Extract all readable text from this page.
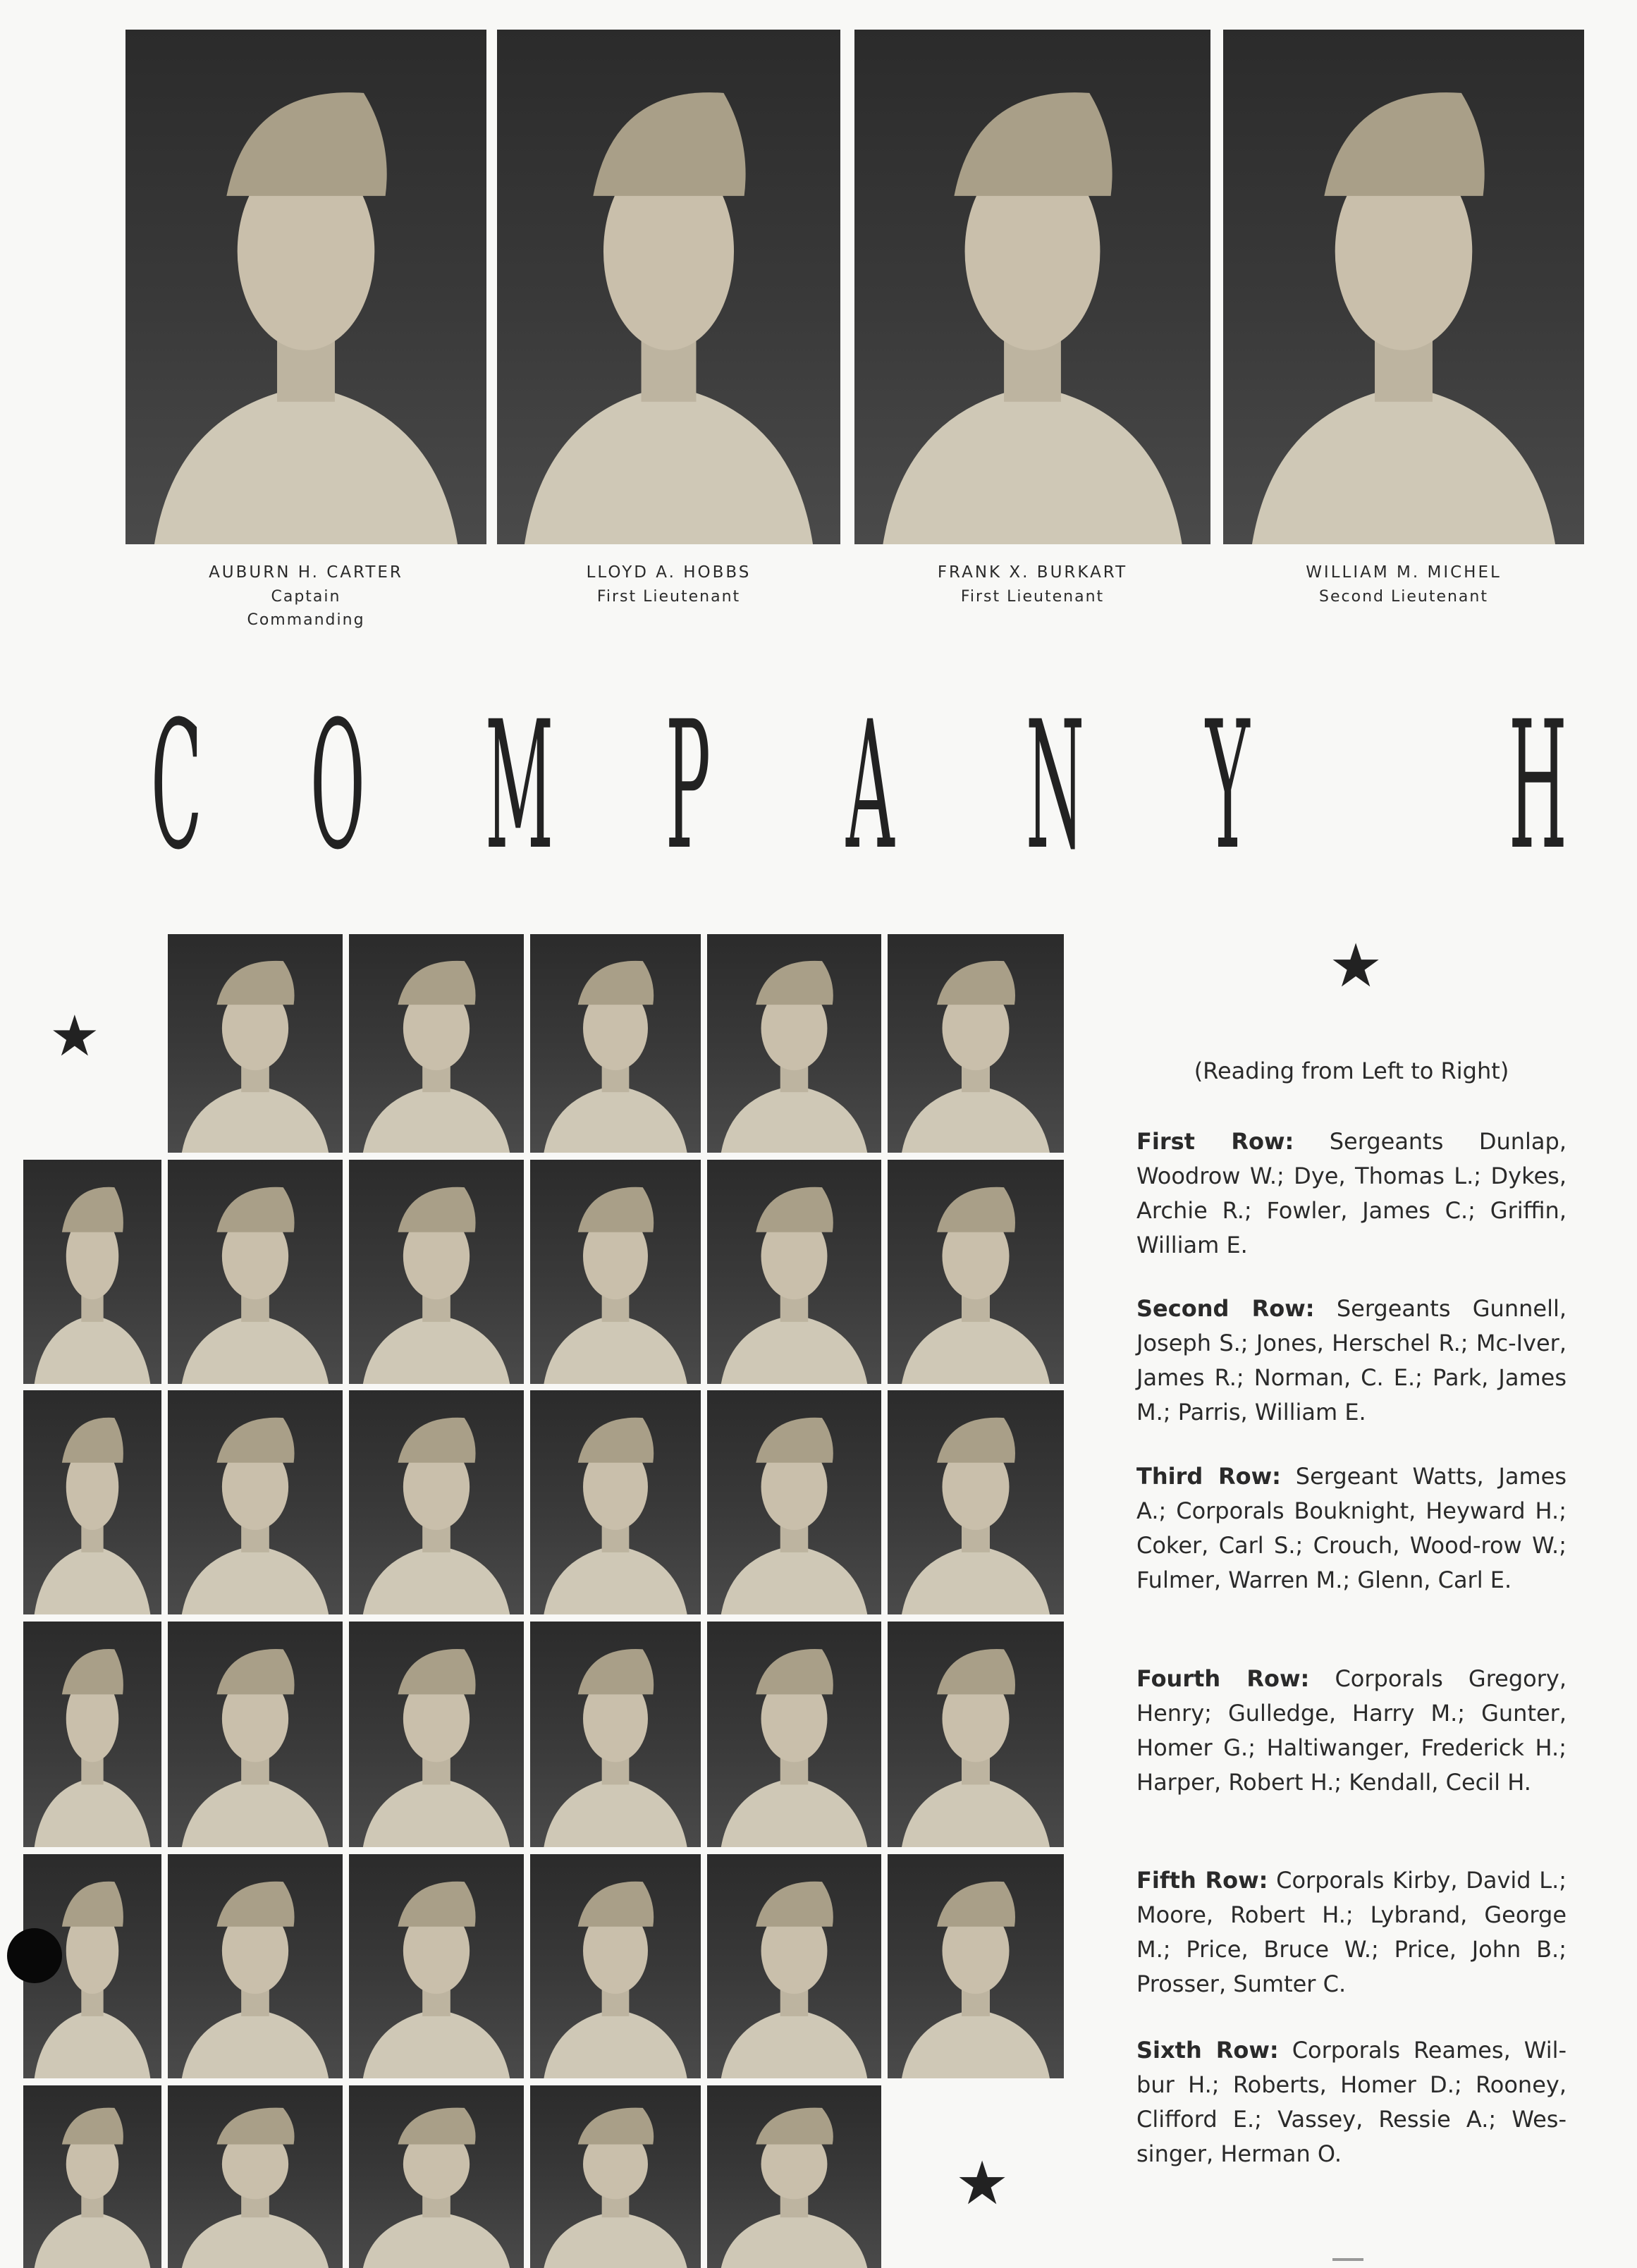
AUBURN H. CARTER
Captain
Commanding
LLOYD A. HOBBS
First Lieutenant
FRANK X. BURKART
First Lieutenant
WILLIAM M. MICHEL
Second Lieutenant
C O M P A N Y H
★
★
★
(Reading from Left to Right)
First Row: Sergeants Dunlap, Woodrow W.; Dye, Thomas L.; Dykes, Archie R.; Fowler, James C.; Griffin, William E.
Second Row: Sergeants Gunnell, Joseph S.; Jones, Herschel R.; Mc-Iver, James R.; Norman, C. E.; Park, James M.; Parris, William E.
Third Row: Sergeant Watts, James A.; Corporals Bouknight, Heyward H.; Coker, Carl S.; Crouch, Wood-row W.; Fulmer, Warren M.; Glenn, Carl E.
Fourth Row: Corporals Gregory, Henry; Gulledge, Harry M.; Gunter, Homer G.; Haltiwanger, Frederick H.; Harper, Robert H.; Kendall, Cecil H.
Fifth Row: Corporals Kirby, David L.; Moore, Robert H.; Lybrand, George M.; Price, Bruce W.; Price, John B.; Prosser, Sumter C.
Sixth Row: Corporals Reames, Wil-bur H.; Roberts, Homer D.; Rooney, Clifford E.; Vassey, Ressie A.; Wes-singer, Herman O.
